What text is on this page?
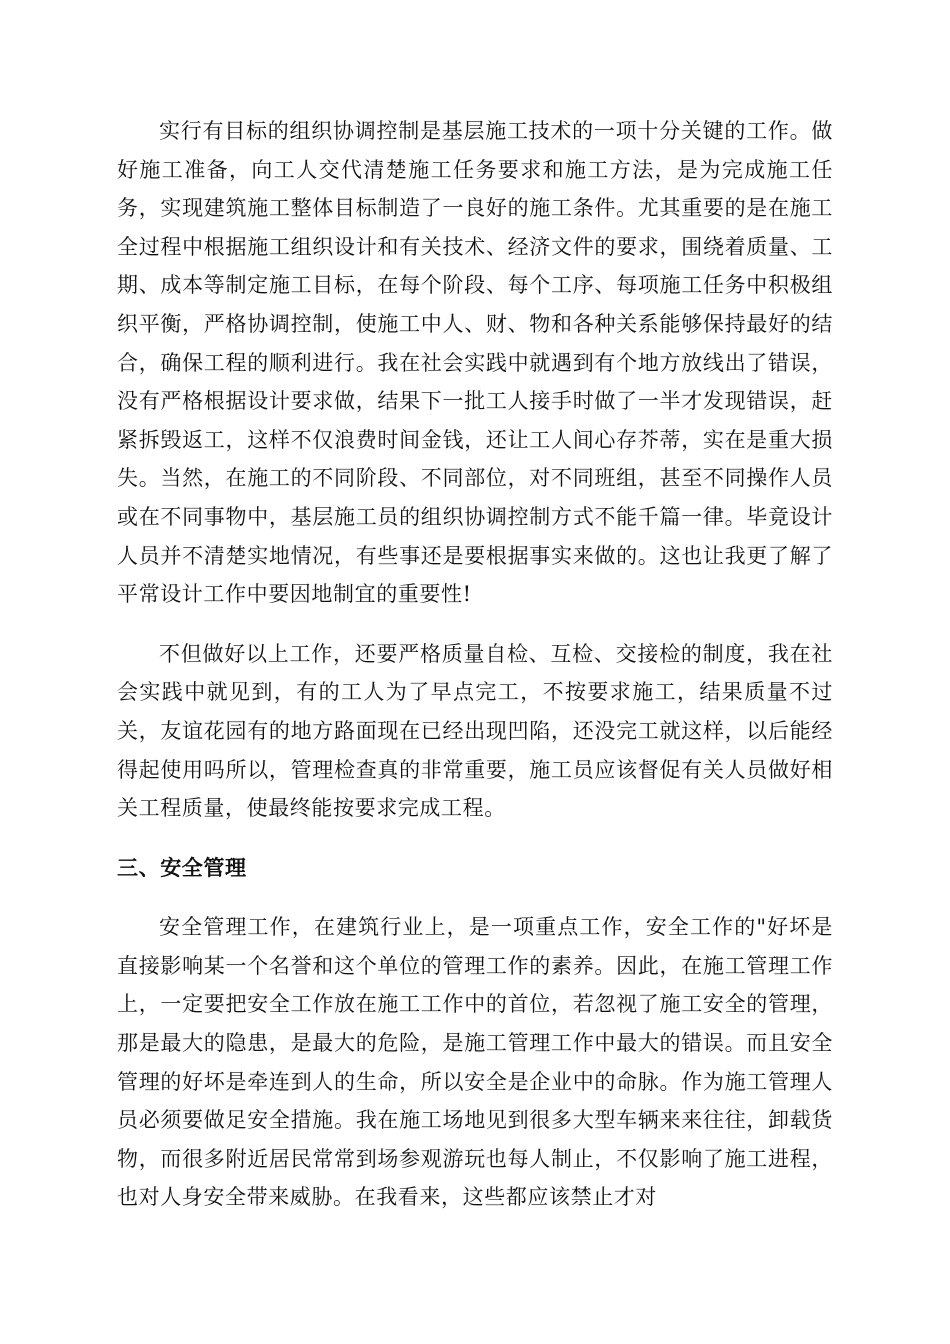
实行有目标的组织协调控制是基层施工技术的一项十分关键的工作。做好施工准备，向工人交代清楚施工任务要求和施工方法，是为完成施工任务，实现建筑施工整体目标制造了一良好的施工条件。尤其重要的是在施工全过程中根据施工组织设计和有关技术、经济文件的要求，围绕着质量、工期、成本等制定施工目标，在每个阶段、每个工序、每项施工任务中积极组织平衡，严格协调控制，使施工中人、财、物和各种关系能够保持最好的结合，确保工程的顺利进行。我在社会实践中就遇到有个地方放线出了错误，没有严格根据设计要求做，结果下一批工人接手时做了一半才发现错误，赶紧拆毁返工，这样不仅浪费时间金钱，还让工人间心存芥蒂，实在是重大损失。当然，在施工的不同阶段、不同部位，对不同班组，甚至不同操作人员或在不同事物中，基层施工员的组织协调控制方式不能千篇一律。毕竟设计人员并不清楚实地情况，有些事还是要根据事实来做的。这也让我更了解了平常设计工作中要因地制宜的重要性!

不但做好以上工作，还要严格质量自检、互检、交接检的制度，我在社会实践中就见到，有的工人为了早点完工，不按要求施工，结果质量不过关，友谊花园有的地方路面现在已经出现凹陷，还没完工就这样，以后能经得起使用吗所以，管理检查真的非常重要，施工员应该督促有关人员做好相关工程质量，使最终能按要求完成工程。

三、安全管理

安全管理工作，在建筑行业上，是一项重点工作，安全工作的"好坏是直接影响某一个名誉和这个单位的管理工作的素养。因此，在施工管理工作上，一定要把安全工作放在施工工作中的首位，若忽视了施工安全的管理，那是最大的隐患，是最大的危险，是施工管理工作中最大的错误。而且安全管理的好坏是牵连到人的生命，所以安全是企业中的命脉。作为施工管理人员必须要做足安全措施。我在施工场地见到很多大型车辆来来往往，卸载货物，而很多附近居民常常到场参观游玩也每人制止，不仅影响了施工进程，也对人身安全带来威胁。在我看来，这些都应该禁止才对
